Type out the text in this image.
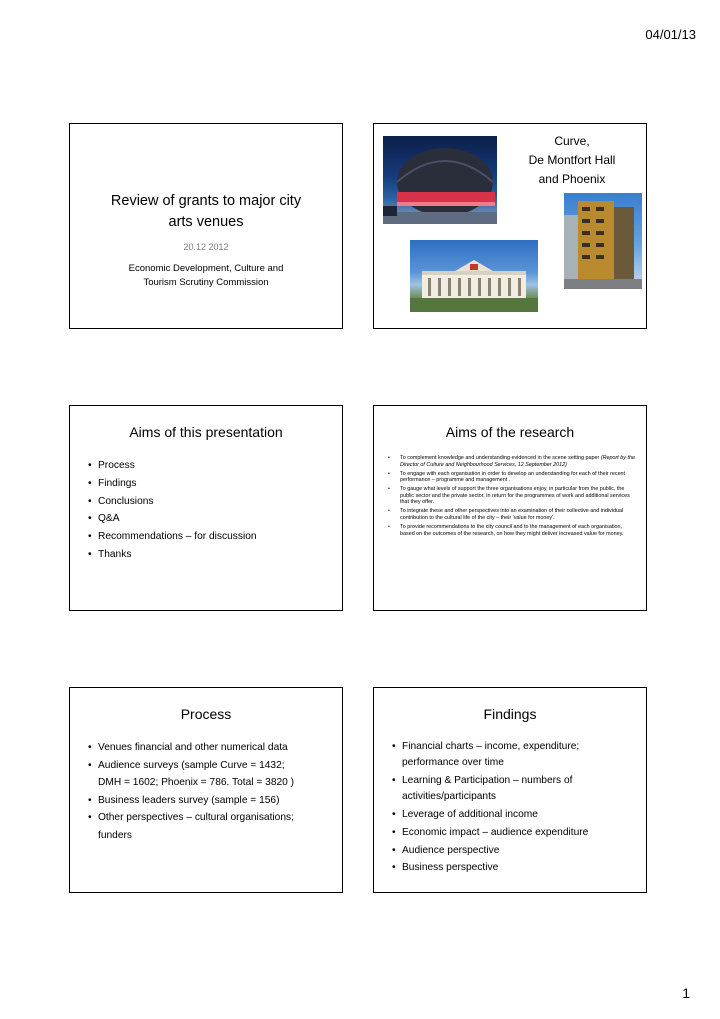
04/01/13
Review of grants to major city
arts venues
20.12 2012
Economic Development, Culture and
Tourism Scrutiny Commission
Curve,
De Montfort Hall
and Phoenix
Aims of this presentation
• Process
• Findings
• Conclusions
• Q&A
• Recommendations – for discussion
• Thanks
Aims of the research
• To complement knowledge and understanding evidenced in the scene setting paper (Report by the Director of Culture and Neighbourhood Services, 12 September 2012)
• To engage with each organisation in order to develop an understanding for each of their recent performance – programme and management .
• To gauge what levels of support the three organisations enjoy, in particular from the public, the public sector and the private sector, in return for the programmes of work and additional services that they offer.
• To integrate these and other perspectives into an examination of their collective and individual contribution to the cultural life of the city – their 'value for money'.
• To provide recommendations to the city council and to the management of each organisation, based on the outcomes of the research, on how they might deliver increased value for money.
Process
• Venues financial and other numerical data
• Audience surveys (sample Curve = 1432;
DMH = 1602; Phoenix = 786. Total = 3820 )
• Business leaders survey (sample = 156)
• Other perspectives – cultural organisations;
funders
Findings
• Financial charts – income, expenditure; performance over time
• Learning & Participation – numbers of activities/participants
• Leverage of additional income
• Economic impact – audience expenditure
• Audience perspective
• Business perspective
1
